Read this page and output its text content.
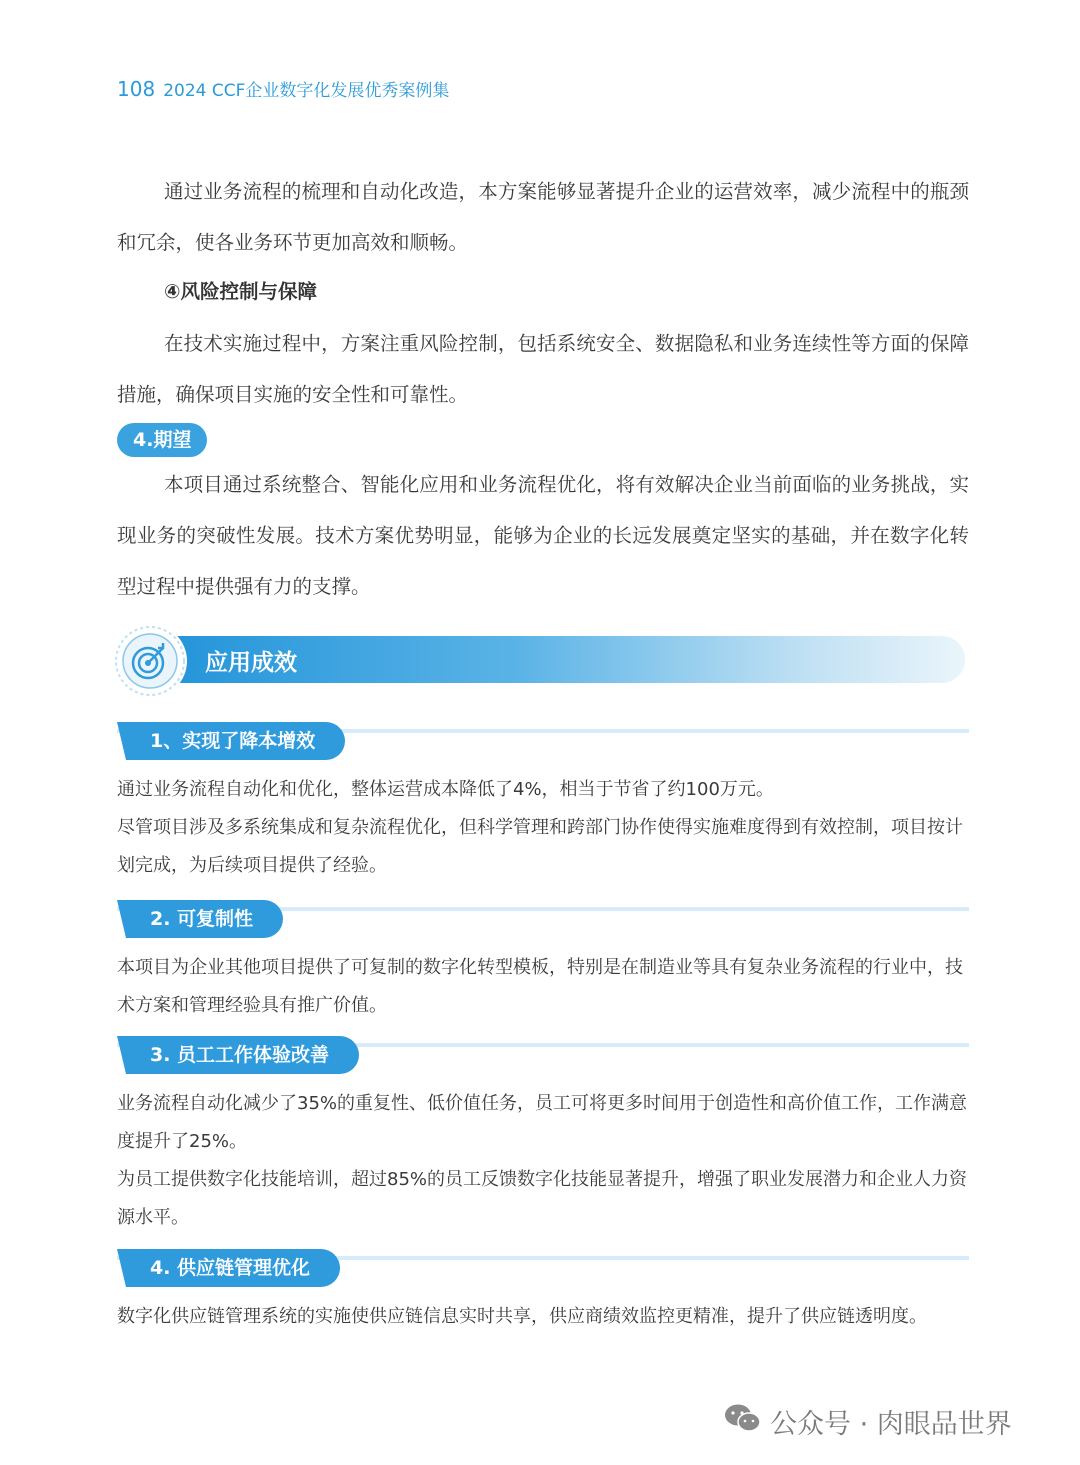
108 2024 CCF企业数字化发展优秀案例集

通过业务流程的梳理和自动化改造，本方案能够显著提升企业的运营效率，减少流程中的瓶颈和冗余，使各业务环节更加高效和顺畅。

④风险控制与保障

在技术实施过程中，方案注重风险控制，包括系统安全、数据隐私和业务连续性等方面的保障措施，确保项目实施的安全性和可靠性。

4.期望

本项目通过系统整合、智能化应用和业务流程优化，将有效解决企业当前面临的业务挑战，实现业务的突破性发展。技术方案优势明显，能够为企业的长远发展奠定坚实的基础，并在数字化转型过程中提供强有力的支撑。

应用成效
1、实现了降本增效

通过业务流程自动化和优化，整体运营成本降低了4%，相当于节省了约100万元。

尽管项目涉及多系统集成和复杂流程优化，但科学管理和跨部门协作使得实施难度得到有效控制，项目按计划完成，为后续项目提供了经验。

2. 可复制性

本项目为企业其他项目提供了可复制的数字化转型模板，特别是在制造业等具有复杂业务流程的行业中，技术方案和管理经验具有推广价值。

3. 员工工作体验改善

业务流程自动化减少了35%的重复性、低价值任务，员工可将更多时间用于创造性和高价值工作，工作满意度提升了25%。

为员工提供数字化技能培训，超过85%的员工反馈数字化技能显著提升，增强了职业发展潜力和企业人力资源水平。

4. 供应链管理优化

数字化供应链管理系统的实施使供应链信息实时共享，供应商绩效监控更精准，提升了供应链透明度。

公众号 · 肉眼品世界
